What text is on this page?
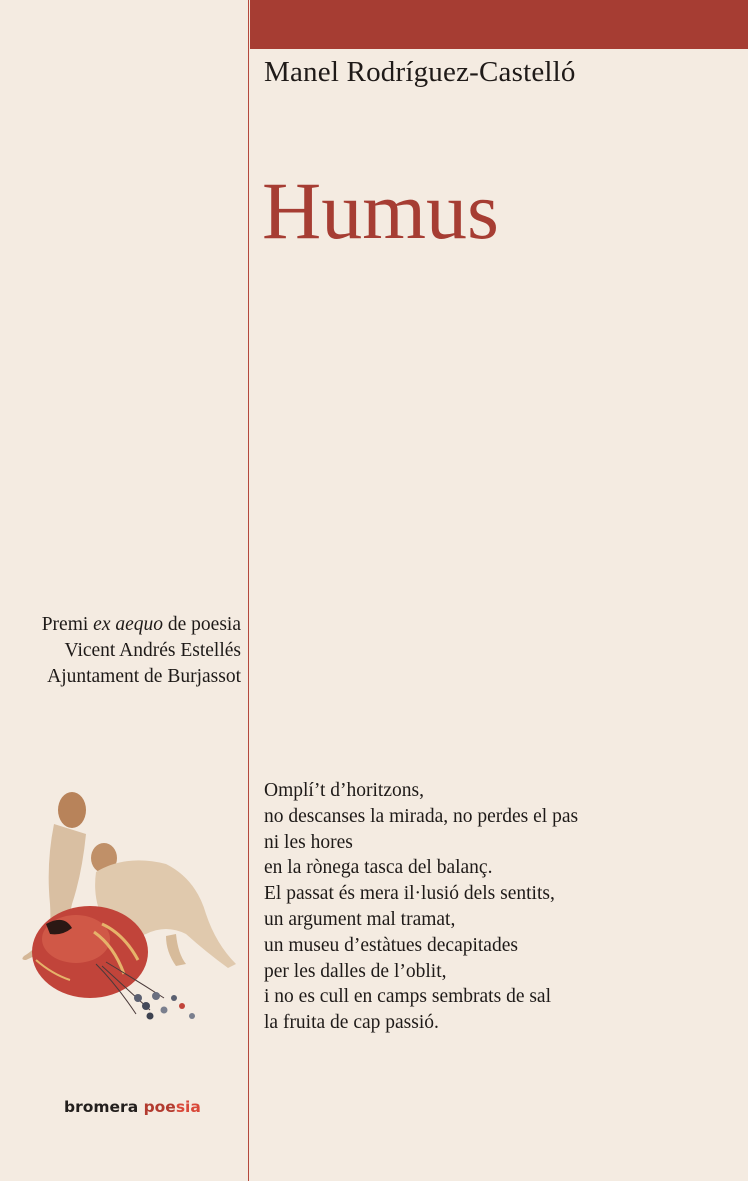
Manel Rodríguez-Castelló
Humus
Premi ex aequo de poesia
Vicent Andrés Estellés
Ajuntament de Burjassot
Omplí’t d’horitzons,
no descanses la mirada, no perdes el pas
ni les hores
en la rònega tasca del balanç.
El passat és mera il·lusió dels sentits,
un argument mal tramat,
un museu d’estàtues decapitades
per les dalles de l’oblit,
i no es cull en camps sembrats de sal
la fruita de cap passió.
bromera poesia
